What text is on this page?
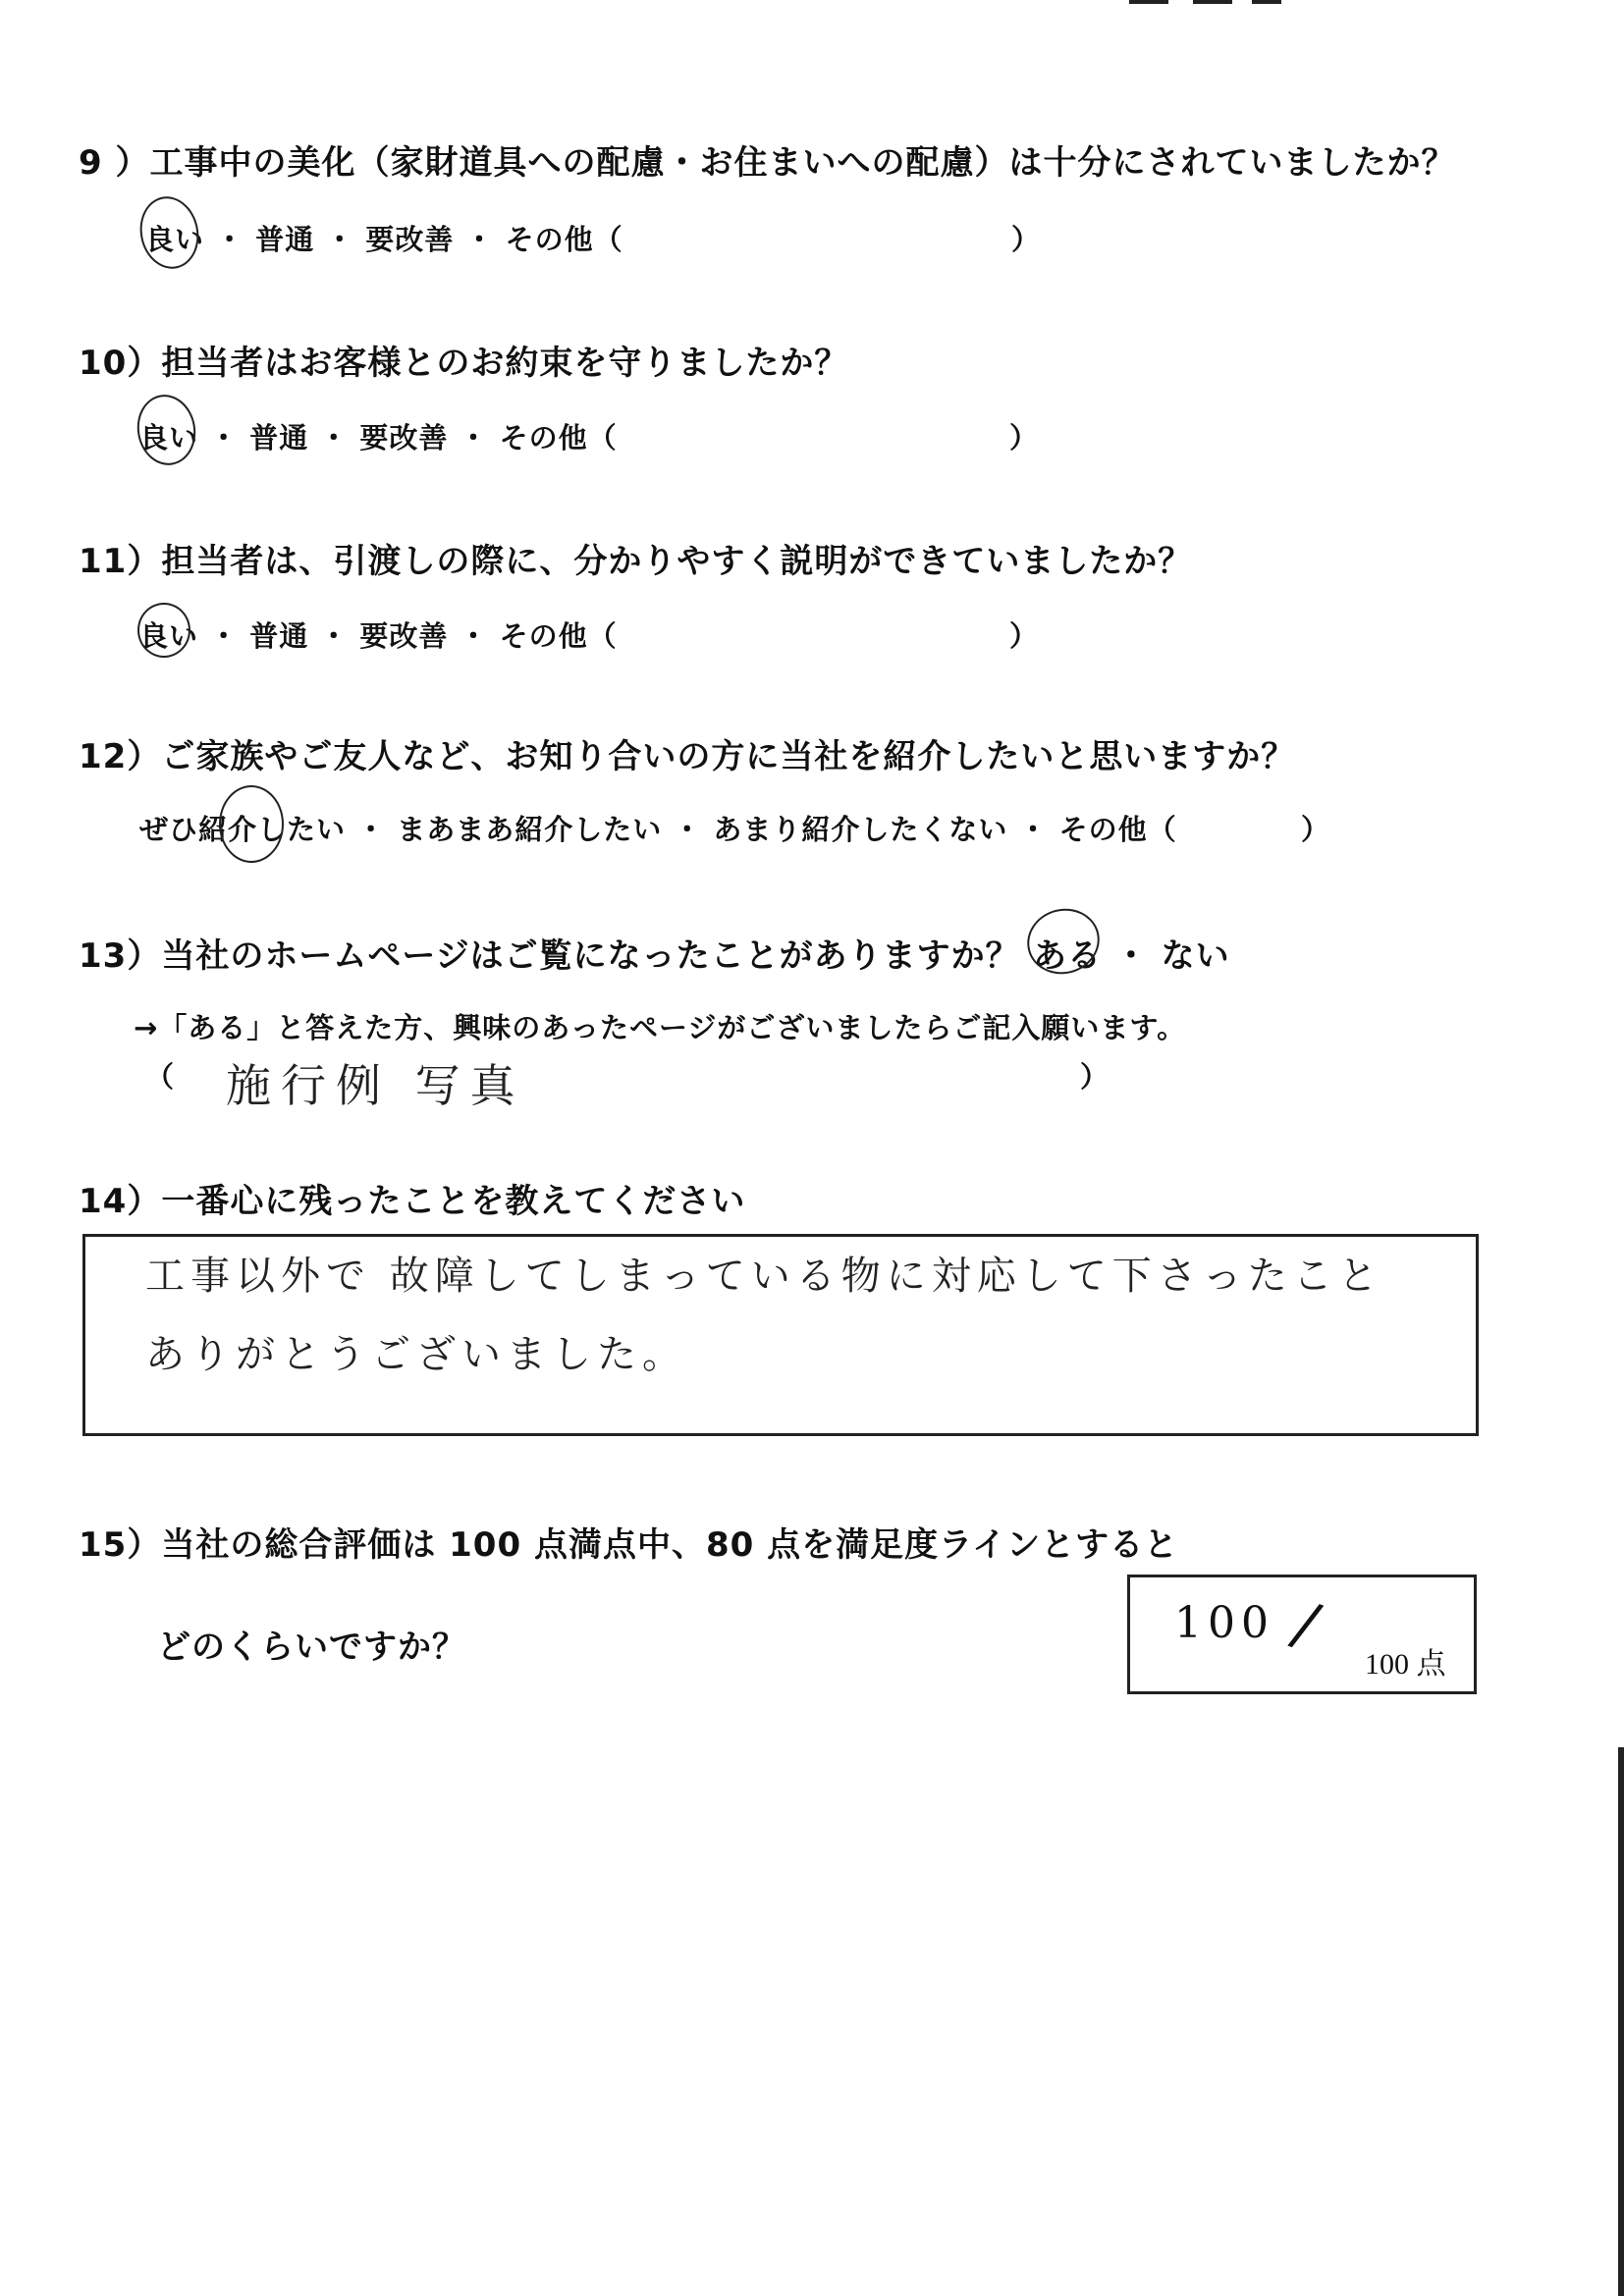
9 ）工事中の美化（家財道具への配慮・お住まいへの配慮）は十分にされていましたか？
良い ・ 普通 ・ 要改善 ・ その他（	）
10）担当者はお客様とのお約束を守りましたか？
良い ・ 普通 ・ 要改善 ・ その他（	）
11）担当者は、引渡しの際に、分かりやすく説明ができていましたか？
良い ・ 普通 ・ 要改善 ・ その他（	）
12）ご家族やご友人など、お知り合いの方に当社を紹介したいと思いますか？
ぜひ紹介したい ・ まあまあ紹介したい ・ あまり紹介したくない ・ その他（	）
13）当社のホームページはご覧になったことがありますか？ ある ・ ない
→「ある」と答えた方、興味のあったページがございましたらご記入願います。
（ 施行例 写真	）
14）一番心に残ったことを教えてください
工事以外で 故障してしまっている物に対応して下さったこと
ありがとうございました。
15）当社の総合評価は 100 点満点中、80 点を満足度ラインとすると
どのくらいですか？	100 /
100 点
